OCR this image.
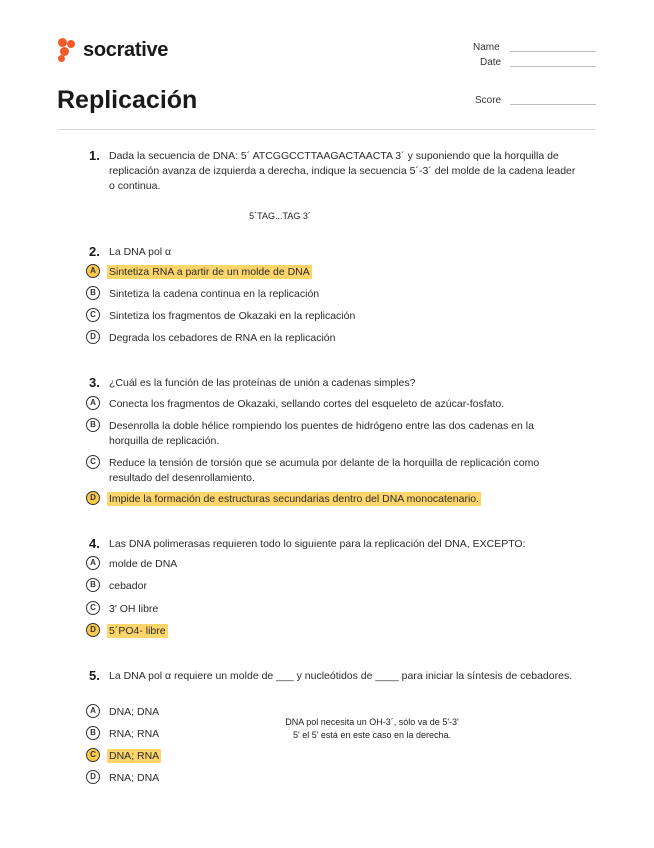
socrative	Name
Date
Score
Replicación
1. Dada la secuencia de DNA: 5´ ATCGGCCTTAAGACTAACTA 3´ y suponiendo que la horquilla de replicación avanza de izquierda a derecha, indique la secuencia 5´-3´ del molde de la cadena leader o continua.
5´TAG...TAG 3´
2. La DNA pol α
A	Sintetiza RNA a partir de un molde de DNA
B	Sintetiza la cadena continua en la replicación
C	Sintetiza los fragmentos de Okazaki en la replicación
D	Degrada los cebadores de RNA en la replicación
3. ¿Cuál es la función de las proteínas de unión a cadenas simples?
A	Conecta los fragmentos de Okazaki, sellando cortes del esqueleto de azúcar-fosfato.
B	Desenrolla la doble hélice rompiendo los puentes de hidrógeno entre las dos cadenas en la horquilla de replicación.
C	Reduce la tensión de torsión que se acumula por delante de la horquilla de replicación como resultado del desenrollamiento.
D	Impide la formación de estructuras secundarias dentro del DNA monocatenario.
4. Las DNA polimerasas requieren todo lo siguiente para la replicación del DNA, EXCEPTO:
A	molde de DNA
B	cebador
C	3' OH libre
D	5´PO4- libre
5. La DNA pol α requiere un molde de ___ y nucleótidos de ____ para iniciar la síntesis de cebadores.
A	DNA; DNA
B	RNA; RNA
C	DNA; RNA
D	RNA; DNA
DNA pol necesita un OH-3´, sólo va de 5'-3'
5' el 5' está en este caso en la derecha.
